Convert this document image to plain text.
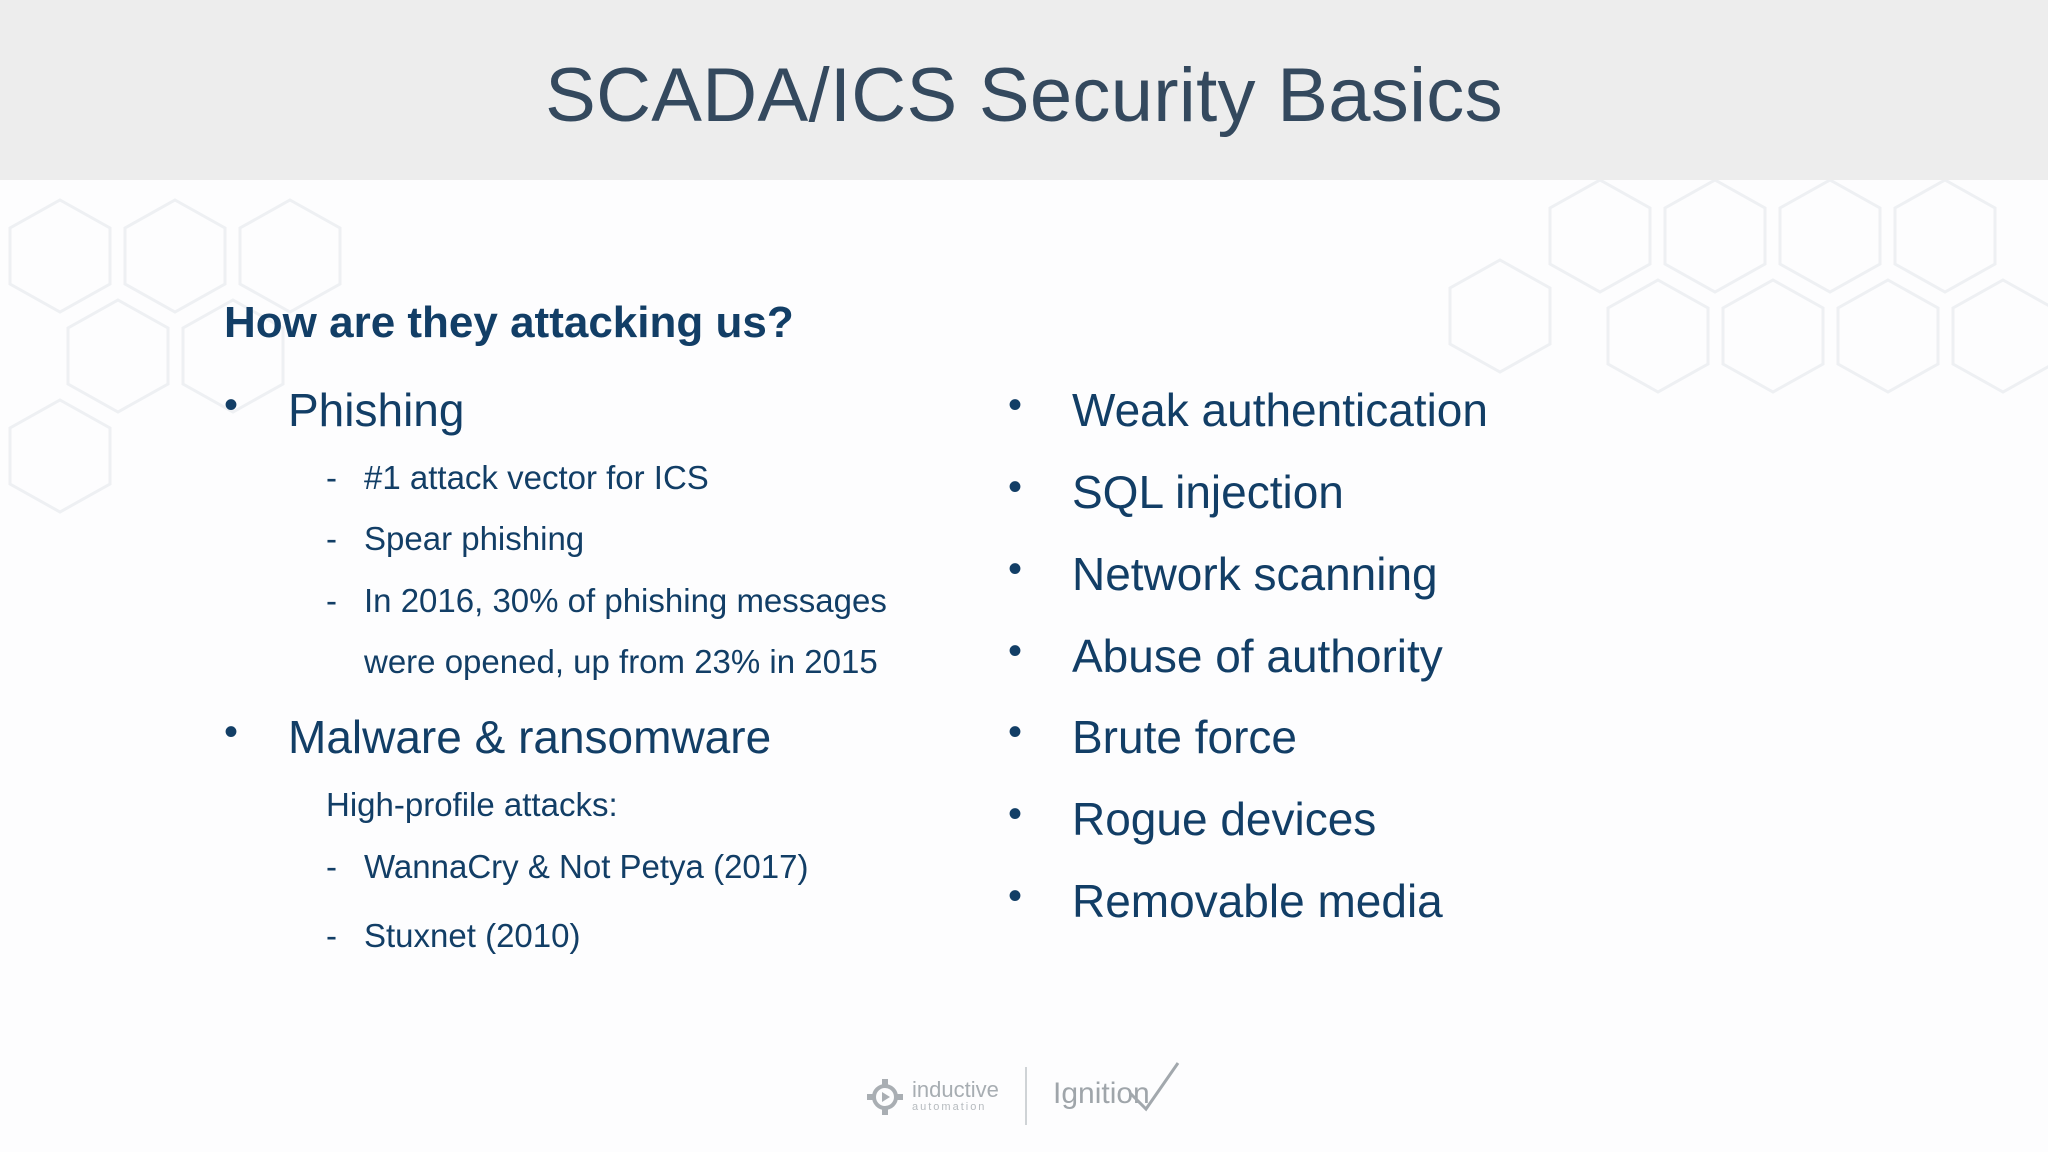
SCADA/ICS Security Basics
How are they attacking us?
• Phishing
- #1 attack vector for ICS
- Spear phishing
- In 2016, 30% of phishing messages
were opened, up from 23% in 2015
• Malware & ransomware
High-profile attacks:
- WannaCry & Not Petya (2017)
- Stuxnet (2010)
• Weak authentication
• SQL injection
• Network scanning
• Abuse of authority
• Brute force
• Rogue devices
• Removable media
inductive
automation Ignition
